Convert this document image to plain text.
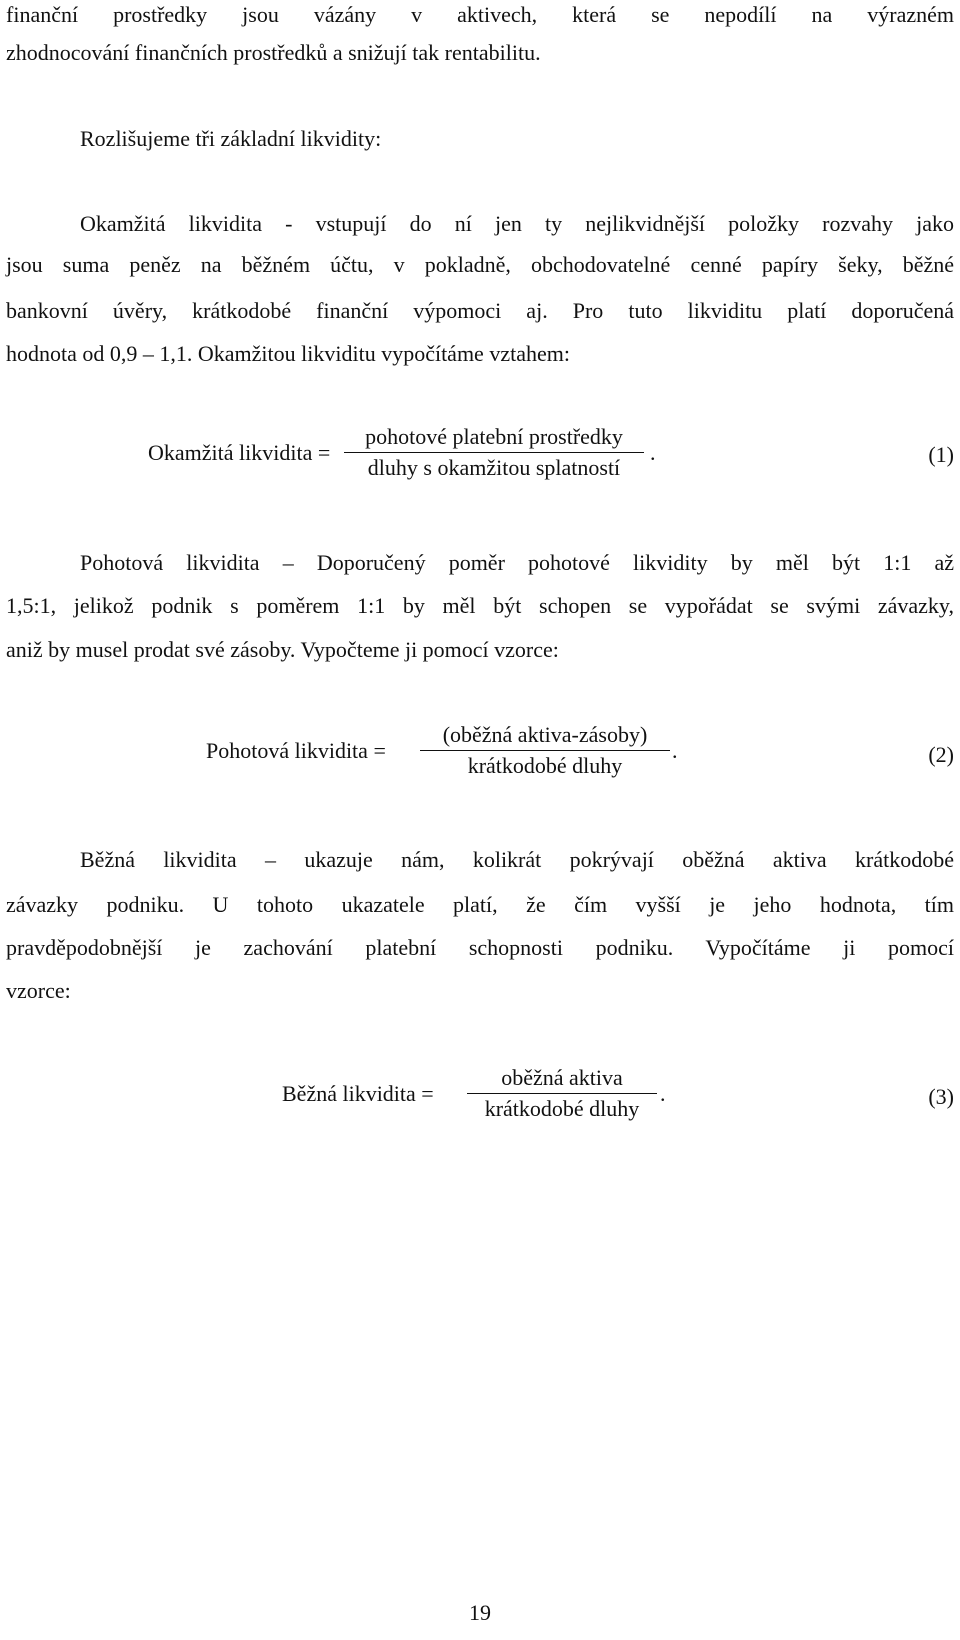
finanční prostředky jsou vázány v aktivech, která se nepodílí na výrazném
zhodnocování finančních prostředků a snižují tak rentabilitu.
Rozlišujeme tři základní likvidity:
Okamžitá likvidita - vstupují do ní jen ty nejlikvidnější položky rozvahy jako
jsou suma peněz na běžném účtu, v pokladně, obchodovatelné cenné papíry šeky, běžné
bankovní úvěry, krátkodobé finanční výpomoci aj. Pro tuto likviditu platí doporučená
hodnota od 0,9 – 1,1. Okamžitou likviditu vypočítáme vztahem:
Okamžitá likvidita =
pohotové platební prostředky
dluhy s okamžitou splatností
.	(1)
Pohotová likvidita – Doporučený poměr pohotové likvidity by měl být 1:1 až
1,5:1, jelikož podnik s poměrem 1:1 by měl být schopen se vypořádat se svými závazky,
aniž by musel prodat své zásoby. Vypočteme ji pomocí vzorce:
Pohotová likvidita =
(oběžná aktiva-zásoby)
krátkodobé dluhy
.	(2)
Běžná likvidita – ukazuje nám, kolikrát pokrývají oběžná aktiva krátkodobé
závazky podniku. U tohoto ukazatele platí, že čím vyšší je jeho hodnota, tím
pravděpodobnější je zachování platební schopnosti podniku. Vypočítáme ji pomocí
vzorce:
Běžná likvidita =
oběžná aktiva
krátkodobé dluhy
.	(3)
19
